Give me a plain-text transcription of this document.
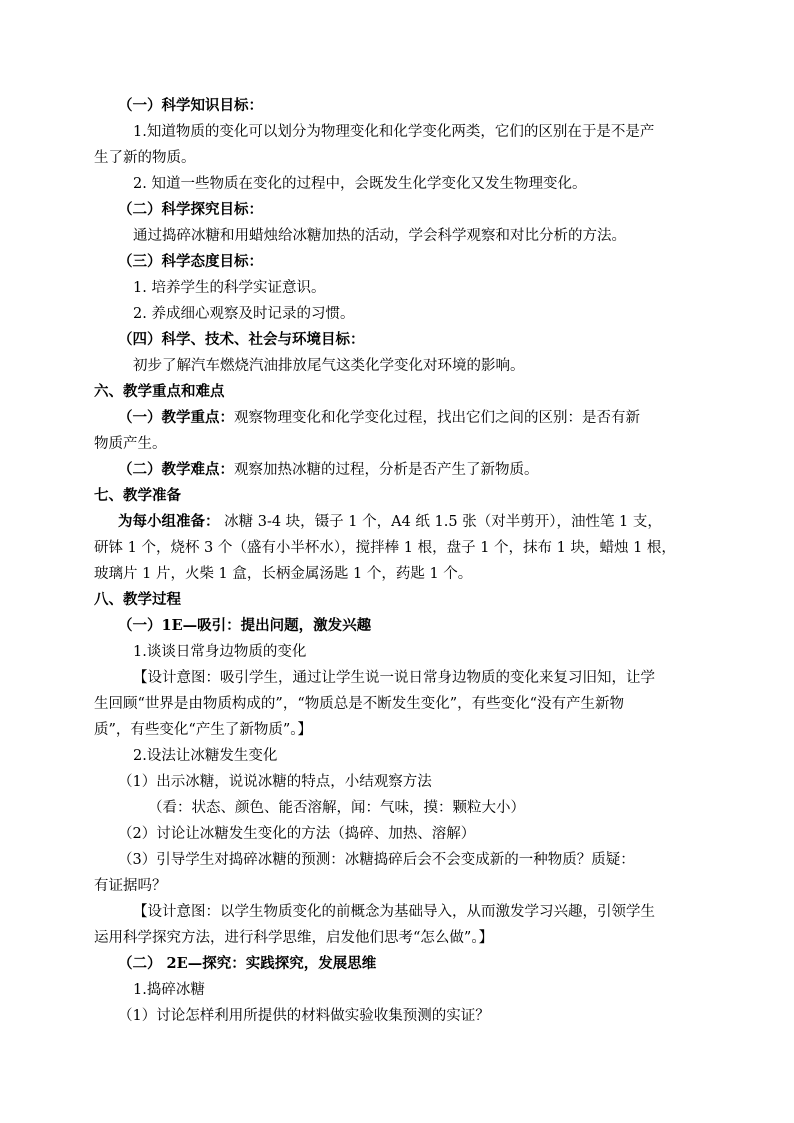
（一）科学知识目标：
1.知道物质的变化可以划分为物理变化和化学变化两类，它们的区别在于是不是产
生了新的物质。
2. 知道一些物质在变化的过程中，会既发生化学变化又发生物理变化。
（二）科学探究目标：
通过捣碎冰糖和用蜡烛给冰糖加热的活动，学会科学观察和对比分析的方法。
（三）科学态度目标：
1. 培养学生的科学实证意识。
2. 养成细心观察及时记录的习惯。
（四）科学、技术、社会与环境目标：
初步了解汽车燃烧汽油排放尾气这类化学变化对环境的影响。
六、教学重点和难点
（一）教学重点：观察物理变化和化学变化过程，找出它们之间的区别：是否有新
物质产生。
（二）教学难点：观察加热冰糖的过程，分析是否产生了新物质。
七、教学准备
为每小组准备： 冰糖 3-4 块，镊子 1 个，A4 纸 1.5 张（对半剪开），油性笔 1 支，
研钵 1 个，烧杯 3 个（盛有小半杯水），搅拌棒 1 根，盘子 1 个，抹布 1 块，蜡烛 1 根，
玻璃片 1 片，火柴 1 盒，长柄金属汤匙 1 个，药匙 1 个。
八、教学过程
（一）1E—吸引：提出问题，激发兴趣
1.谈谈日常身边物质的变化
【设计意图：吸引学生，通过让学生说一说日常身边物质的变化来复习旧知，让学
生回顾“世界是由物质构成的”，“物质总是不断发生变化”，有些变化“没有产生新物
质”，有些变化“产生了新物质”。】
2.设法让冰糖发生变化
（1）出示冰糖，说说冰糖的特点，小结观察方法
（看：状态、颜色、能否溶解，闻：气味，摸：颗粒大小）
（2）讨论让冰糖发生变化的方法（捣碎、加热、溶解）
（3）引导学生对捣碎冰糖的预测：冰糖捣碎后会不会变成新的一种物质？质疑：
有证据吗？
【设计意图：以学生物质变化的前概念为基础导入，从而激发学习兴趣，引领学生
运用科学探究方法，进行科学思维，启发他们思考“怎么做”。】
（二） 2E—探究：实践探究，发展思维
1.捣碎冰糖
（1）讨论怎样利用所提供的材料做实验收集预测的实证？
